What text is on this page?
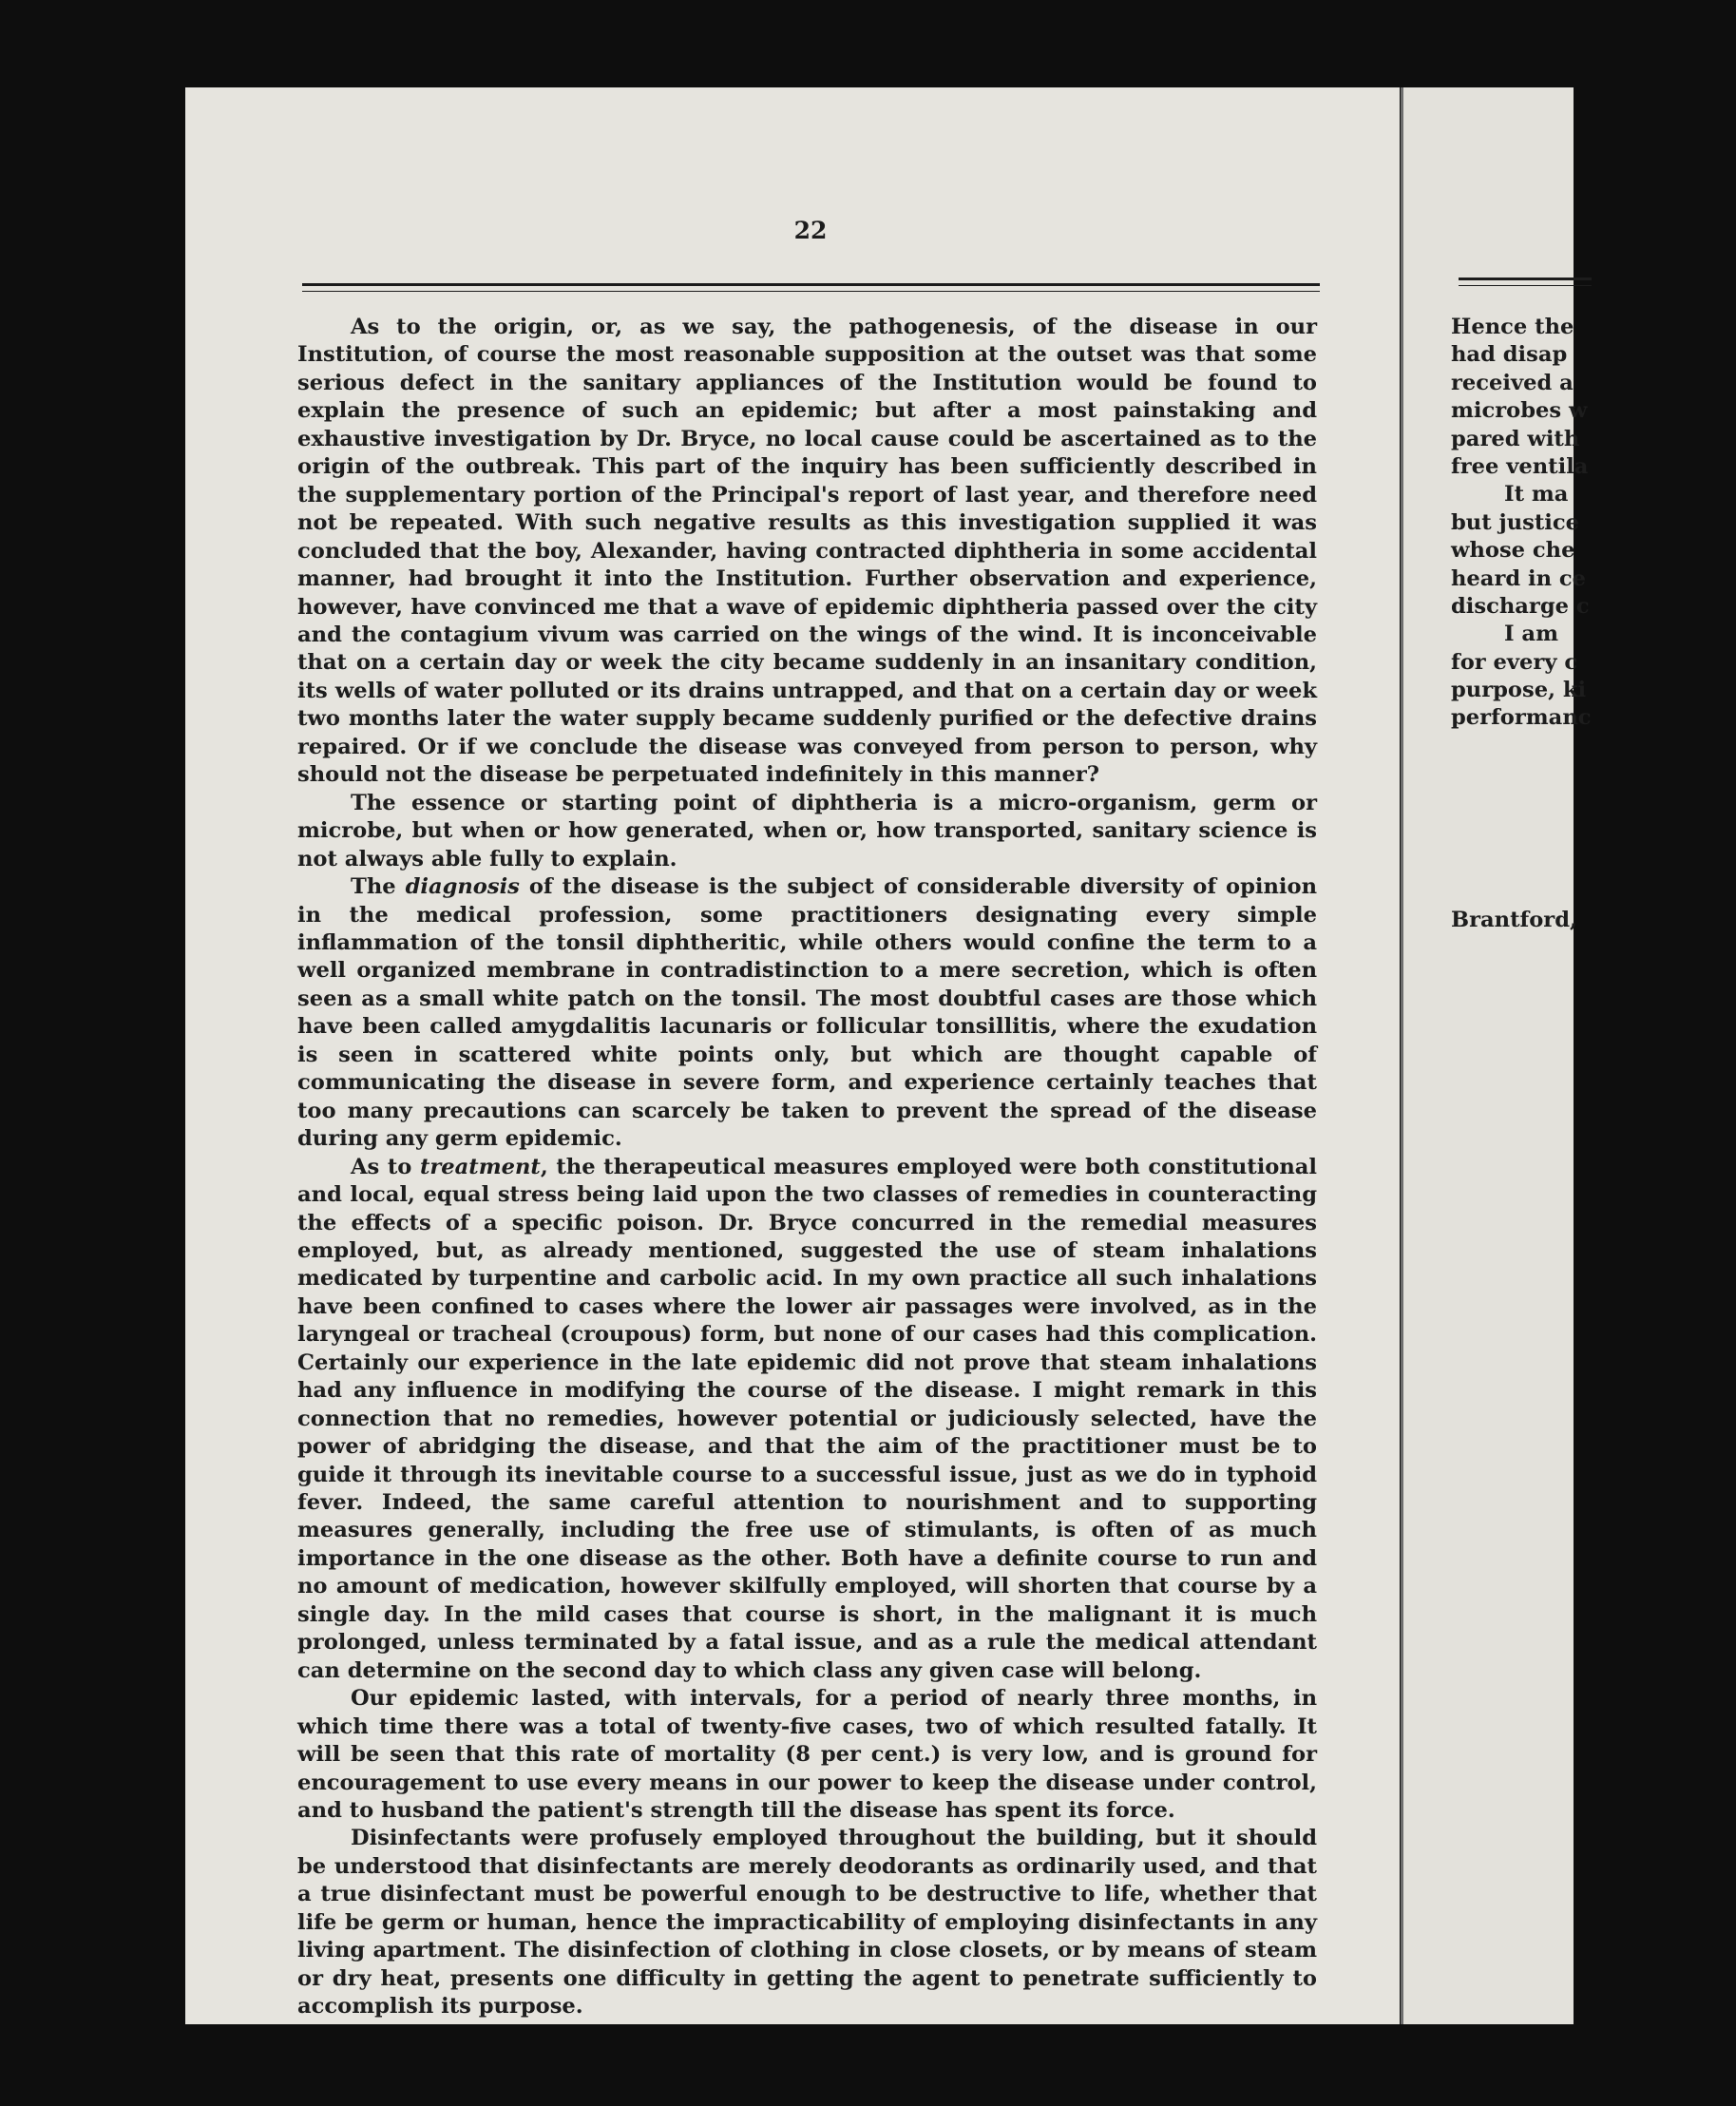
22

As to the origin, or, as we say, the pathogenesis, of the disease in our Institution, of course the most reasonable supposition at the outset was that some serious defect in the sanitary appliances of the Institution would be found to explain the presence of such an epidemic; but after a most painstaking and exhaustive investigation by Dr. Bryce, no local cause could be ascertained as to the origin of the outbreak. This part of the inquiry has been sufficiently described in the supplementary portion of the Principal's report of last year, and therefore need not be repeated. With such negative results as this investigation supplied it was concluded that the boy, Alexander, having contracted diphtheria in some accidental manner, had brought it into the Institution. Further observation and experience, however, have convinced me that a wave of epidemic diphtheria passed over the city and the contagium vivum was carried on the wings of the wind. It is inconceivable that on a certain day or week the city became suddenly in an insanitary condition, its wells of water polluted or its drains untrapped, and that on a certain day or week two months later the water supply became suddenly purified or the defective drains repaired. Or if we conclude the disease was conveyed from person to person, why should not the disease be perpetuated indefinitely in this manner?

The essence or starting point of diphtheria is a micro-organism, germ or microbe, but when or how generated, when or, how transported, sanitary science is not always able fully to explain.

The diagnosis of the disease is the subject of considerable diversity of opinion in the medical profession, some practitioners designating every simple inflammation of the tonsil diphtheritic, while others would confine the term to a well organized membrane in contradistinction to a mere secretion, which is often seen as a small white patch on the tonsil. The most doubtful cases are those which have been called amygdalitis lacunaris or follicular tonsillitis, where the exudation is seen in scattered white points only, but which are thought capable of communicating the disease in severe form, and experience certainly teaches that too many precautions can scarcely be taken to prevent the spread of the disease during any germ epidemic.

As to treatment, the therapeutical measures employed were both constitutional and local, equal stress being laid upon the two classes of remedies in counteracting the effects of a specific poison. Dr. Bryce concurred in the remedial measures employed, but, as already mentioned, suggested the use of steam inhalations medicated by turpentine and carbolic acid. In my own practice all such inhalations have been confined to cases where the lower air passages were involved, as in the laryngeal or tracheal (croupous) form, but none of our cases had this complication. Certainly our experience in the late epidemic did not prove that steam inhalations had any influence in modifying the course of the disease. I might remark in this connection that no remedies, however potential or judiciously selected, have the power of abridging the disease, and that the aim of the practitioner must be to guide it through its inevitable course to a successful issue, just as we do in typhoid fever. Indeed, the same careful attention to nourishment and to supporting measures generally, including the free use of stimulants, is often of as much importance in the one disease as the other. Both have a definite course to run and no amount of medication, however skilfully employed, will shorten that course by a single day. In the mild cases that course is short, in the malignant it is much prolonged, unless terminated by a fatal issue, and as a rule the medical attendant can determine on the second day to which class any given case will belong.

Our epidemic lasted, with intervals, for a period of nearly three months, in which time there was a total of twenty-five cases, two of which resulted fatally. It will be seen that this rate of mortality (8 per cent.) is very low, and is ground for encouragement to use every means in our power to keep the disease under control, and to husband the patient's strength till the disease has spent its force.

Disinfectants were profusely employed throughout the building, but it should be understood that disinfectants are merely deodorants as ordinarily used, and that a true disinfectant must be powerful enough to be destructive to life, whether that life be germ or human, hence the impracticability of employing disinfectants in any living apartment. The disinfection of clothing in close closets, or by means of steam or dry heat, presents one difficulty in getting the agent to penetrate sufficiently to accomplish its purpose.

Hence the
had disap
received a
microbes w
pared with
free ventila
It ma
but justice
whose che
heard in ce
discharge c
I am
for every c
purpose, ki
performanc
Brantford,
